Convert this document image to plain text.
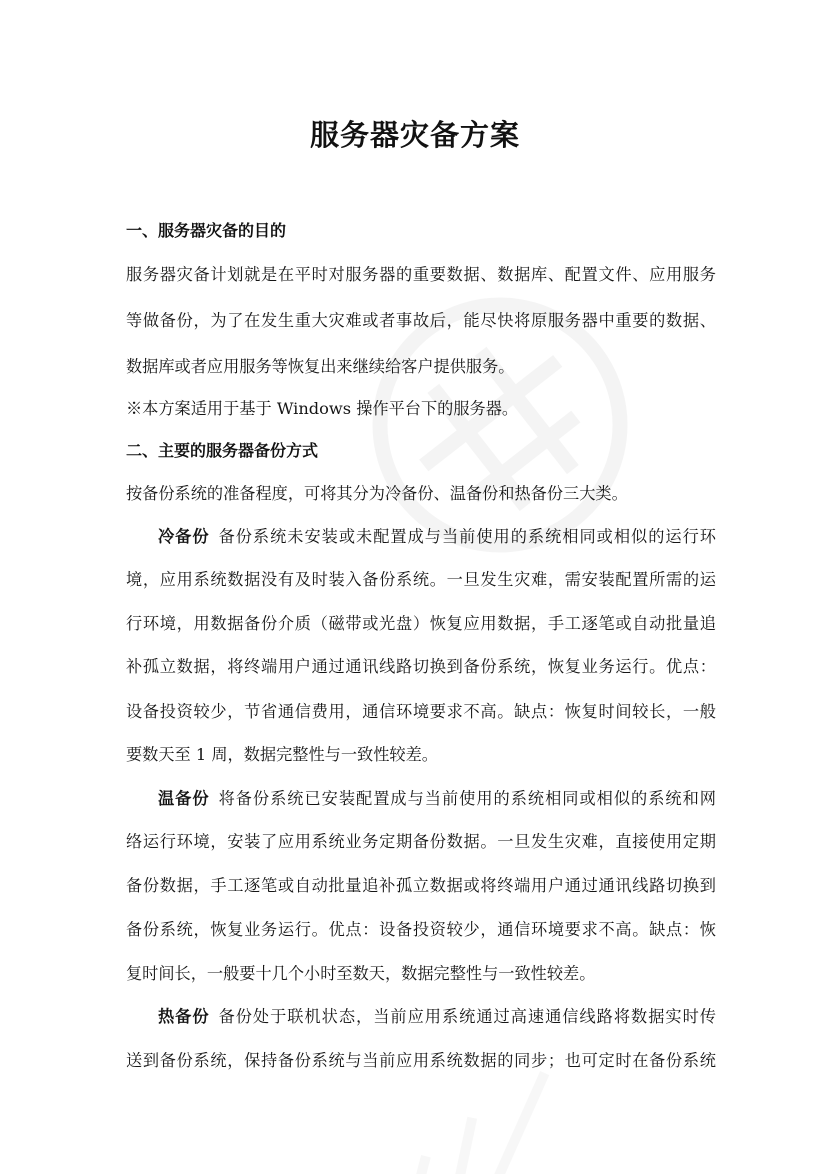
服务器灾备方案
一、服务器灾备的目的
服务器灾备计划就是在平时对服务器的重要数据、数据库、配置文件、应用服务
等做备份，为了在发生重大灾难或者事故后，能尽快将原服务器中重要的数据、
数据库或者应用服务等恢复出来继续给客户提供服务。
※本方案适用于基于 Windows 操作平台下的服务器。
二、主要的服务器备份方式
按备份系统的准备程度，可将其分为冷备份、温备份和热备份三大类。
冷备份 备份系统未安装或未配置成与当前使用的系统相同或相似的运行环
境，应用系统数据没有及时装入备份系统。一旦发生灾难，需安装配置所需的运
行环境，用数据备份介质（磁带或光盘）恢复应用数据，手工逐笔或自动批量追
补孤立数据，将终端用户通过通讯线路切换到备份系统，恢复业务运行。优点：
设备投资较少，节省通信费用，通信环境要求不高。缺点：恢复时间较长，一般
要数天至 1 周，数据完整性与一致性较差。
温备份 将备份系统已安装配置成与当前使用的系统相同或相似的系统和网
络运行环境，安装了应用系统业务定期备份数据。一旦发生灾难，直接使用定期
备份数据，手工逐笔或自动批量追补孤立数据或将终端用户通过通讯线路切换到
备份系统，恢复业务运行。优点：设备投资较少，通信环境要求不高。缺点：恢
复时间长，一般要十几个小时至数天，数据完整性与一致性较差。
热备份 备份处于联机状态，当前应用系统通过高速通信线路将数据实时传
送到备份系统，保持备份系统与当前应用系统数据的同步；也可定时在备份系统
